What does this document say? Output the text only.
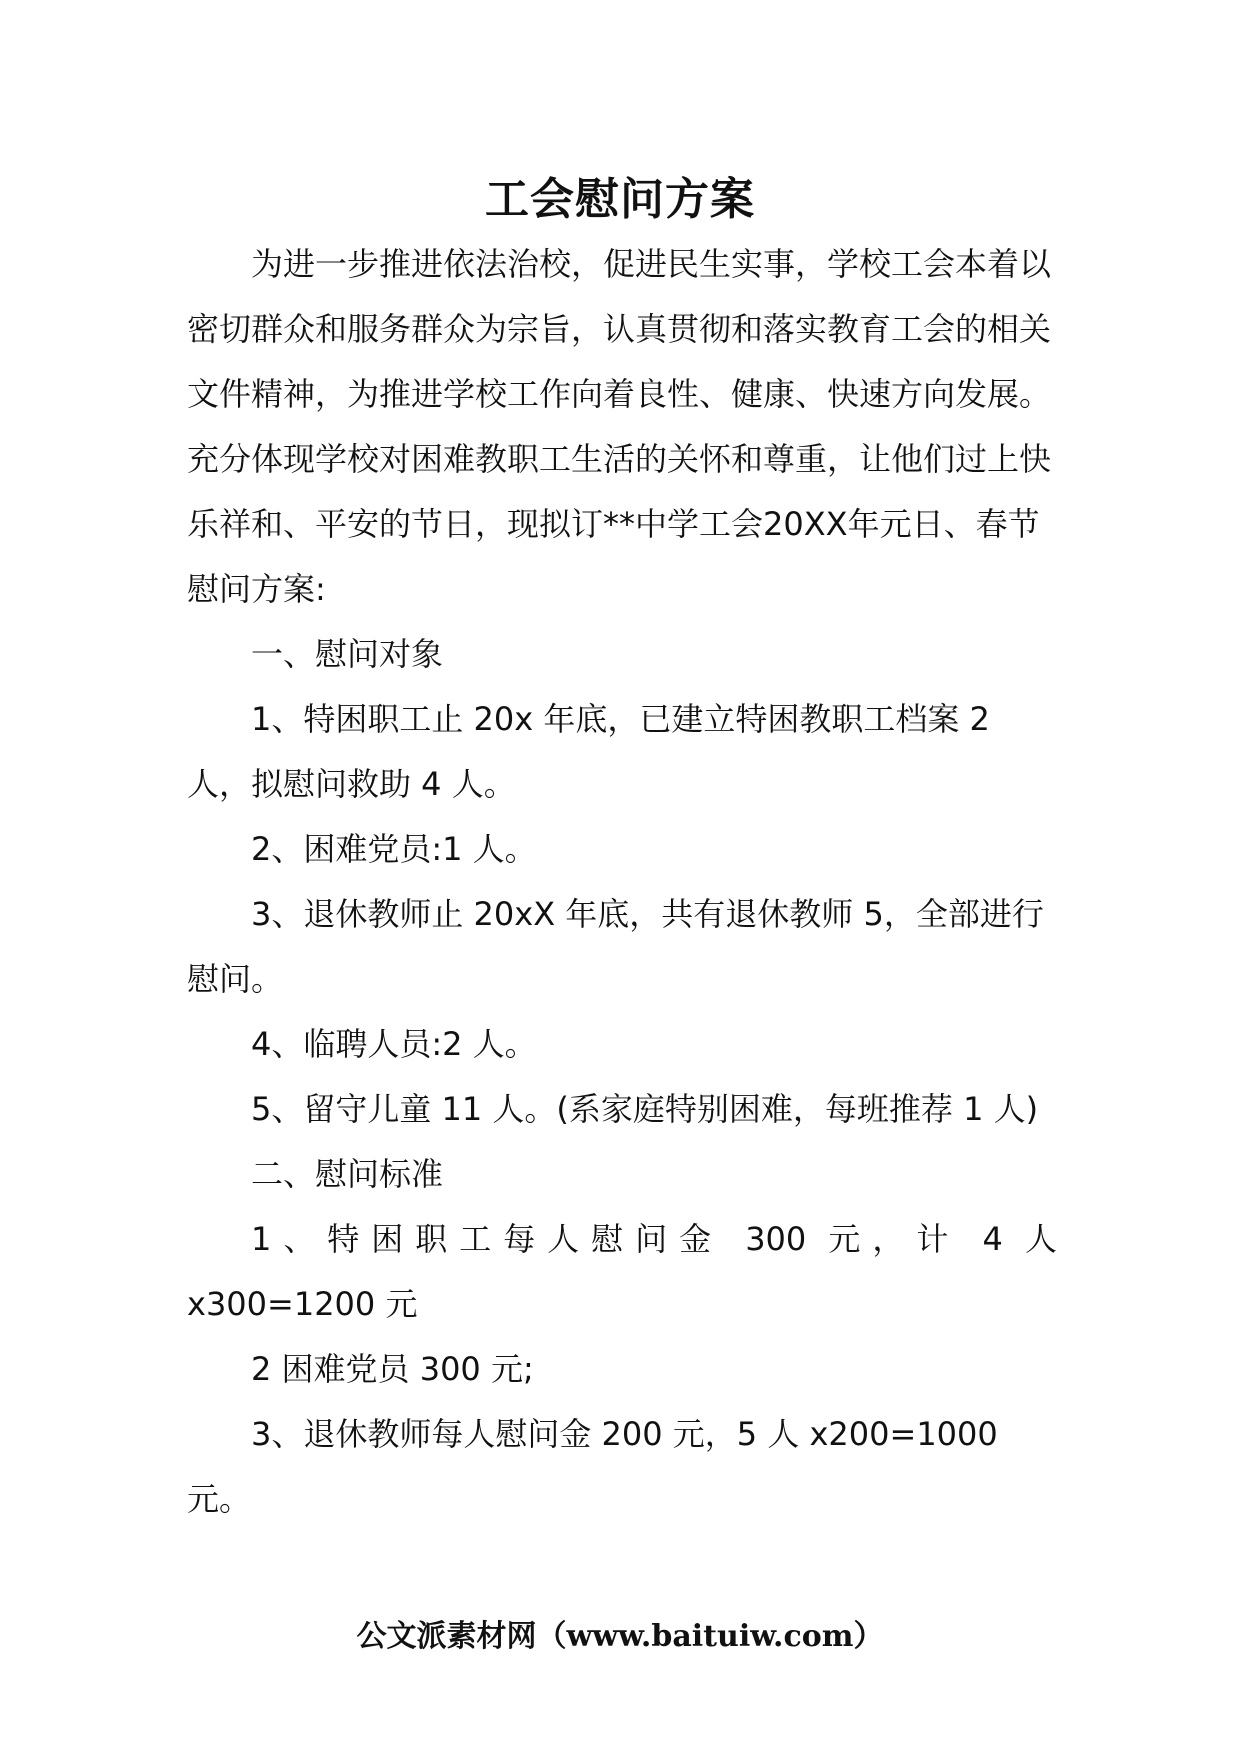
工会慰问方案

为进一步推进依法治校，促进民生实事，学校工会本着以密切群众和服务群众为宗旨，认真贯彻和落实教育工会的相关文件精神，为推进学校工作向着良性、健康、快速方向发展。充分体现学校对困难教职工生活的关怀和尊重，让他们过上快乐祥和、平安的节日，现拟订**中学工会20XX年元日、春节慰问方案:

一、慰问对象

1、特困职工止 20x 年底，已建立特困教职工档案 2 人，拟慰问救助 4 人。

2、困难党员:1 人。

3、退休教师止 20xX 年底，共有退休教师 5，全部进行慰问。

4、临聘人员:2 人。

5、留守儿童 11 人。(系家庭特别困难，每班推荐 1 人)

二、慰问标准

1、特困职工每人慰问金 300 元，计 4 人

x300=1200 元

2 困难党员 300 元;

3、退休教师每人慰问金 200 元，5 人 x200=1000 元。

公文派素材网（www.baituiw.com）
